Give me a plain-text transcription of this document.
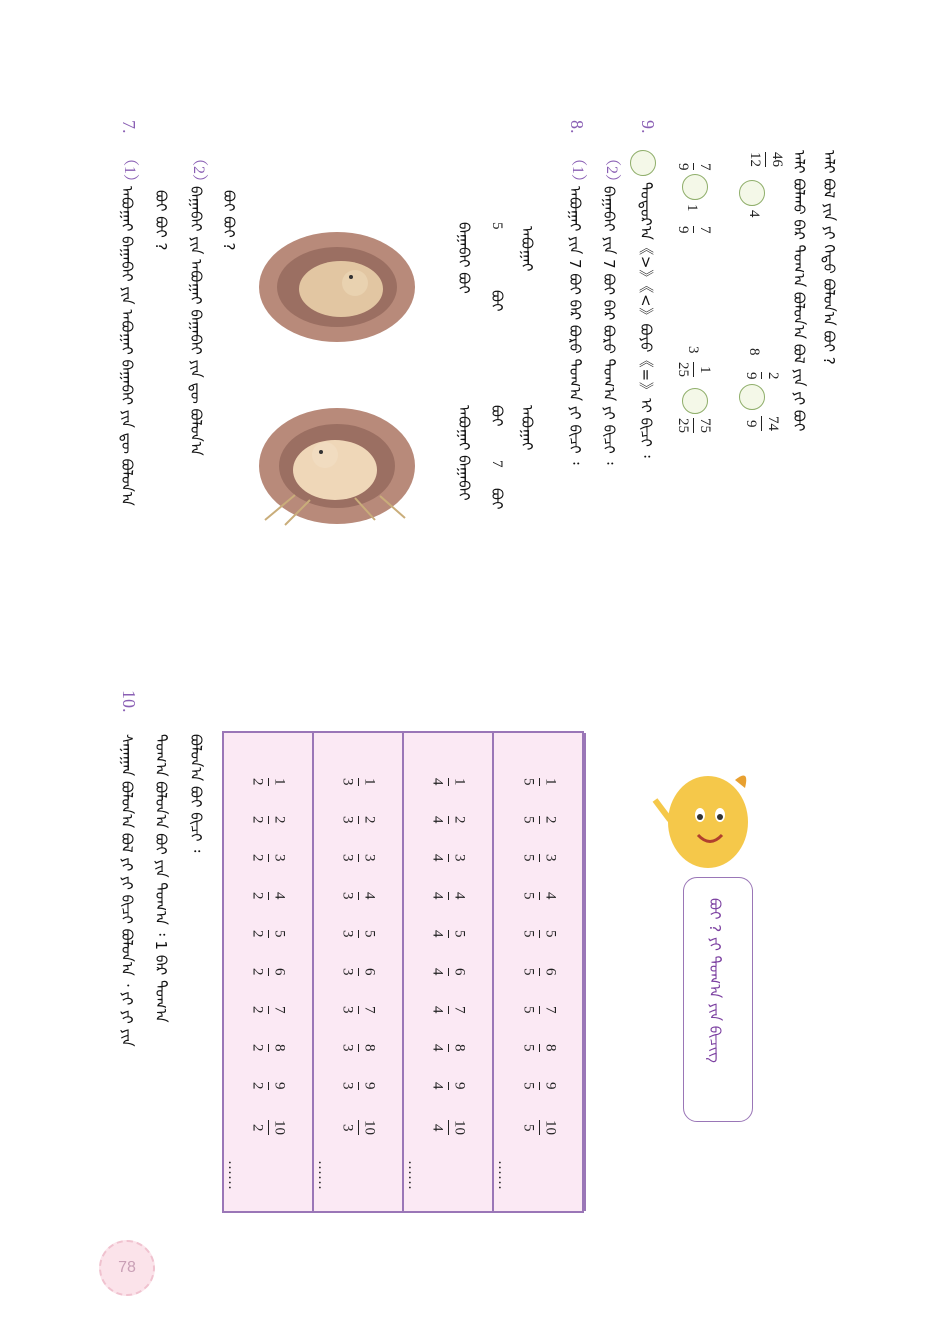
ᠠᠯᠢ ᠪᠤᠯ ᠶᠢᠨ ᠶᠢ ᠬᠡᠳᠦ ᠪᠤᠯᠤᠨ᠎ᠠ ᠪᠤᠢ ?
ᠠᠯᠢ ᠪᠤᠯᠬᠤ ᠪᠠᠷ ᠲᠣᠭ᠎ᠠ ᠪᠤᠯᠤᠨ᠎ᠠ ᠪᠤᠯ ᠶᠢᠨ ᠶᠢ ᠪᠤᠢ
12 46
4
8
9 2
9 74
9 7
1
9 7
3
25 1
25 75
9.
ᠳᠣᠲᠣᠷ᠎ᠠ《>》《<》ᠪᠤᠶᠤ《=》ᠢ ᠪᠢᠴᠢ ᠄
（2）
ᠪᠠᠭᠠᠪᠠᠢ ᠶᠢᠨ 7 ᠪᠤᠢ ᠪᠠᠷ ᠪᠤᠷᠤ ᠲᠣᠭ᠎ᠠ ᠶᠢ ᠪᠢᠴᠢ ᠄
8.
（1）
ᠠᠪᠤᠭᠠᠢ ᠶᠢᠨ 7 ᠪᠤᠢ ᠪᠠᠷ ᠪᠤᠷᠤ ᠲᠣᠭ᠎ᠠ ᠶᠢ ᠪᠢᠴᠢ ᠄
ᠠᠪᠤᠭᠠᠢ
5
ᠪᠤᠢ
ᠪᠠᠭᠠᠪᠠᠢ ᠪᠤᠢ
ᠠᠪᠤᠭᠠᠢ
ᠪᠤᠢ
7
ᠪᠤᠢ
ᠠᠪᠤᠭᠠᠢ ᠪᠠᠭᠠᠪᠠᠢ
ᠪᠤᠢ ᠪᠤᠢ ?
（2）
ᠪᠠᠭᠠᠪᠠᠢ ᠶᠢᠨ ᠠᠪᠤᠭᠠᠢ ᠪᠠᠭᠠᠪᠠᠢ ᠶᠢᠨ ᠳᠦ ᠪᠤᠯᠤᠨ᠎ᠠ
ᠪᠤᠢ ᠪᠤᠢ ?
7.
（1）
ᠠᠪᠤᠭᠠᠢ ᠪᠠᠭᠠᠪᠠᠢ ᠶᠢᠨ ᠠᠪᠤᠭᠠᠢ ᠪᠠᠭᠠᠪᠠᠢ ᠶᠢᠨ ᠳᠦ ᠪᠤᠯᠤᠨ᠎ᠠ
ᠪᠤᠢ ? ᠶᠢ ᠲᠣᠭ᠎ᠠ ᠶᠢᠨ ᠪᠢᠴᠢᠭ
5 1
5 2
5 3
5 4
5 5
5 6
5 7
5 8
5 9
5 10
……
4 1
4 2
4 3
4 4
4 5
4 6
4 7
4 8
4 9
4 10
……
3 1
3 2
3 3
3 4
3 5
3 6
3 7
3 8
3 9
3 10
……
2 1
2 2
2 3
2 4
2 5
2 6
2 7
2 8
2 9
2 10
……
ᠪᠤᠯᠤᠨ᠎ᠠ ᠪᠤᠢ ᠪᠢᠴᠢ ᠄
ᠲᠣᠭ᠎ᠠ ᠪᠤᠯᠤᠨ᠎ᠠ ᠪᠤᠢ ᠶᠢᠨ ᠲᠣᠭ᠎ᠠ ᠄ 1 ᠪᠠᠷ ᠲᠣᠭ᠎ᠠ
10.
ᠰᠠᠨᠠᠭᠠᠨ ᠪᠤᠯᠤᠨ᠎ᠠ ᠪᠤᠯ ᠶᠢ ᠶᠢ ᠪᠢᠴᠢ ᠪᠤᠯᠤᠨ᠎ᠠ ᠂ ᠶᠢ ᠶᠢ ᠶᠢᠨ
78
